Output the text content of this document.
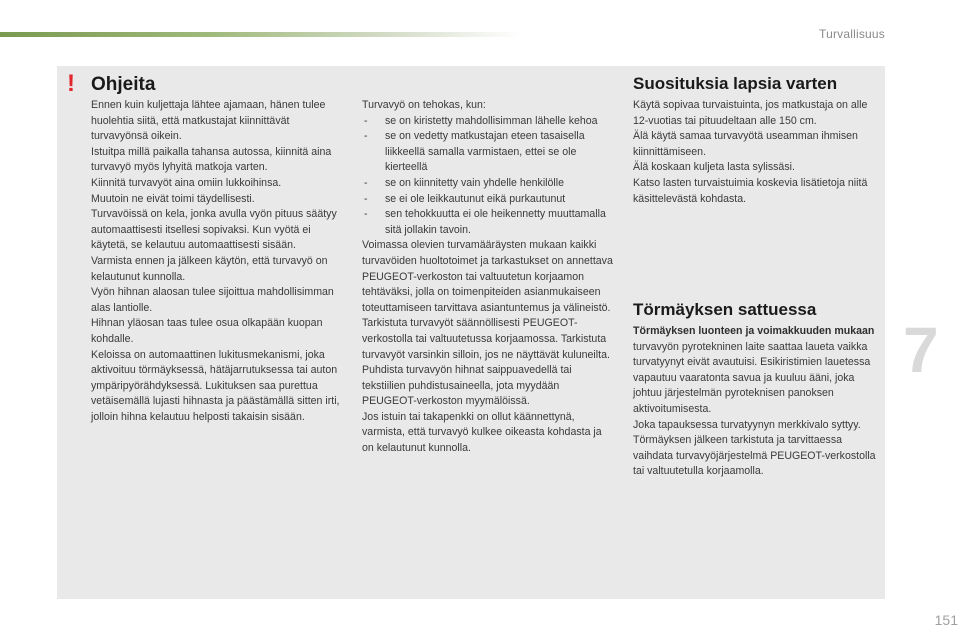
Turvallisuus
! Ohjeita

Ennen kuin kuljettaja lähtee ajamaan, hänen tulee huolehtia siitä, että matkustajat kiinnittävät turvavyönsä oikein.

Istuitpa millä paikalla tahansa autossa, kiinnitä aina turvavyö myös lyhyitä matkoja varten.

Kiinnitä turvavyöt aina omiin lukkoihinsa.

Muutoin ne eivät toimi täydellisesti.

Turvavöissä on kela, jonka avulla vyön pituus säätyy automaattisesti itsellesi sopivaksi. Kun vyötä ei käytetä, se kelautuu automaattisesti sisään.

Varmista ennen ja jälkeen käytön, että turvavyö on kelautunut kunnolla.

Vyön hihnan alaosan tulee sijoittua mahdollisimman alas lantiolle.

Hihnan yläosan taas tulee osua olkapään kuopan kohdalle.

Keloissa on automaattinen lukitusmekanismi, joka aktivoituu törmäyksessä, hätäjarrutuksessa tai auton ympäripyörähdyksessä. Lukituksen saa purettua vetäisemällä lujasti hihnasta ja päästämällä sitten irti, jolloin hihna kelautuu helposti takaisin sisään.

Turvavyö on tehokas, kun:

- se on kiristetty mahdollisimman lähelle kehoa
- se on vedetty matkustajan eteen tasaisella liikkeellä samalla varmistaen, ettei se ole kierteellä
- se on kiinnitetty vain yhdelle henkilölle
- se ei ole leikkautunut eikä purkautunut
- sen tehokkuutta ei ole heikennetty muuttamalla sitä jollakin tavoin.

Voimassa olevien turvamääräysten mukaan kaikki turvavöiden huoltotoimet ja tarkastukset on annettava PEUGEOT-verkoston tai valtuutetun korjaamon tehtäväksi, jolla on toimenpiteiden asianmukaiseen toteuttamiseen tarvittava asiantuntemus ja välineistö.

Tarkistuta turvavyöt säännöllisesti PEUGEOT-verkostolla tai valtuutetussa korjaamossa. Tarkistuta turvavyöt varsinkin silloin, jos ne näyttävät kuluneilta.

Puhdista turvavyön hihnat saippuavedellä tai tekstiilien puhdistusaineella, jota myydään PEUGEOT-verkoston myymälöissä.

Jos istuin tai takapenkki on ollut käännettynä, varmista, että turvavyö kulkee oikeasta kohdasta ja on kelautunut kunnolla.

Suosituksia lapsia varten

Käytä sopivaa turvaistuinta, jos matkustaja on alle 12-vuotias tai pituudeltaan alle 150 cm.

Älä käytä samaa turvavyötä useamman ihmisen kiinnittämiseen.

Älä koskaan kuljeta lasta sylissäsi.

Katso lasten turvaistuimia koskevia lisätietoja niitä käsittelevästä kohdasta.

Törmäyksen sattuessa

Törmäyksen luonteen ja voimakkuuden mukaan turvavyön pyrotekninen laite saattaa laueta vaikka turvatyynyt eivät avautuisi. Esikiristimien lauetessa vapautuu vaaratonta savua ja kuuluu ääni, joka johtuu järjestelmän pyroteknisen panoksen aktivoitumisesta.

Joka tapauksessa turvatyynyn merkkivalo syttyy.

Törmäyksen jälkeen tarkistuta ja tarvittaessa vaihdata turvavyöjärjestelmä PEUGEOT-verkostolla tai valtuutetulla korjaamolla.

7
151
